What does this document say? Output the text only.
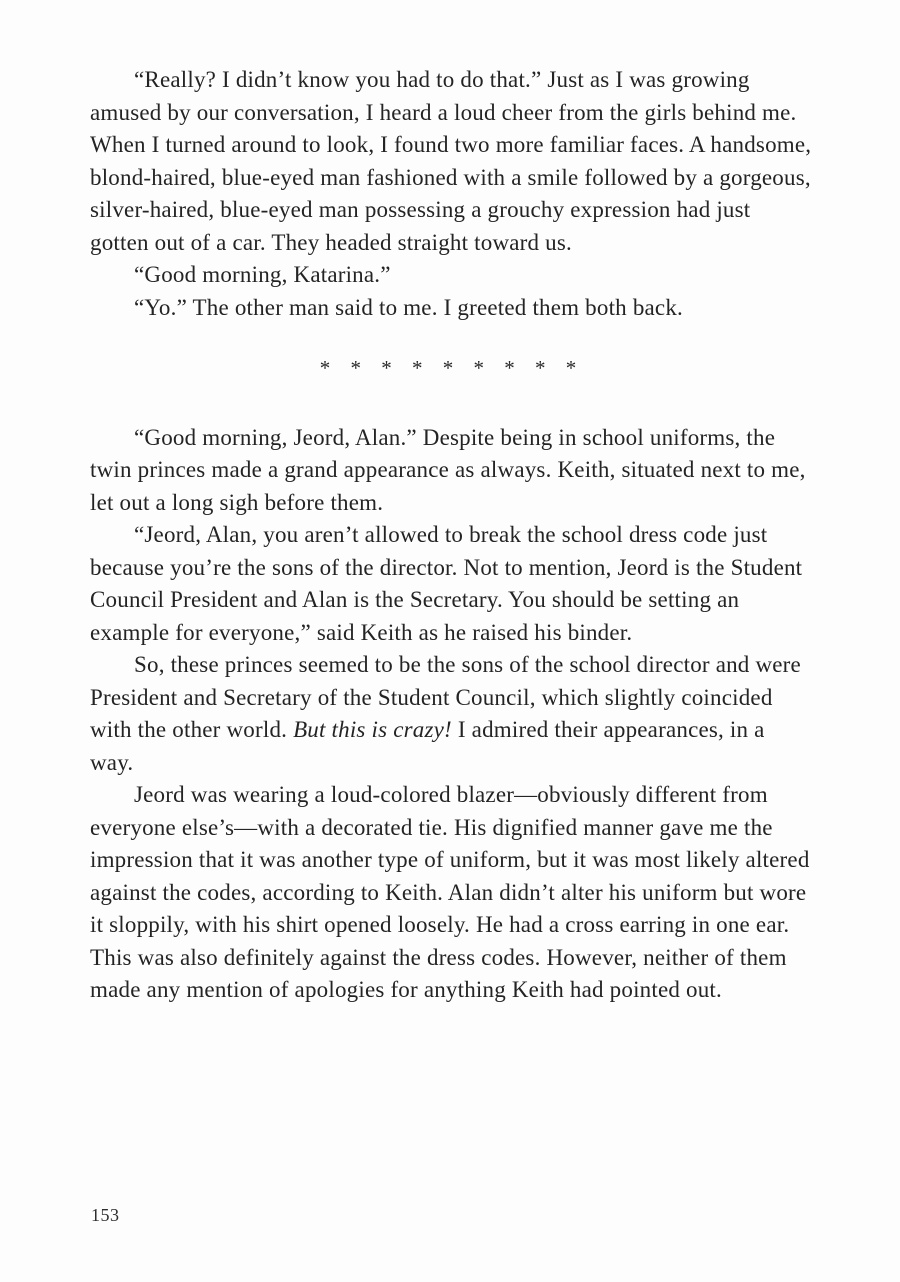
“Really? I didn’t know you had to do that.” Just as I was growing amused by our conversation, I heard a loud cheer from the girls behind me. When I turned around to look, I found two more familiar faces. A handsome, blond-haired, blue-eyed man fashioned with a smile followed by a gorgeous, silver-haired, blue-eyed man possessing a grouchy expression had just gotten out of a car. They headed straight toward us.

“Good morning, Katarina.”

“Yo.” The other man said to me. I greeted them both back.

* * * * * * * * *

“Good morning, Jeord, Alan.” Despite being in school uniforms, the twin princes made a grand appearance as always. Keith, situated next to me, let out a long sigh before them.

“Jeord, Alan, you aren’t allowed to break the school dress code just because you’re the sons of the director. Not to mention, Jeord is the Student Council President and Alan is the Secretary. You should be setting an example for everyone,” said Keith as he raised his binder.

So, these princes seemed to be the sons of the school director and were President and Secretary of the Student Council, which slightly coincided with the other world. But this is crazy! I admired their appearances, in a way.

Jeord was wearing a loud-colored blazer—obviously different from everyone else’s—with a decorated tie. His dignified manner gave me the impression that it was another type of uniform, but it was most likely altered against the codes, according to Keith. Alan didn’t alter his uniform but wore it sloppily, with his shirt opened loosely. He had a cross earring in one ear. This was also definitely against the dress codes. However, neither of them made any mention of apologies for anything Keith had pointed out.

153
